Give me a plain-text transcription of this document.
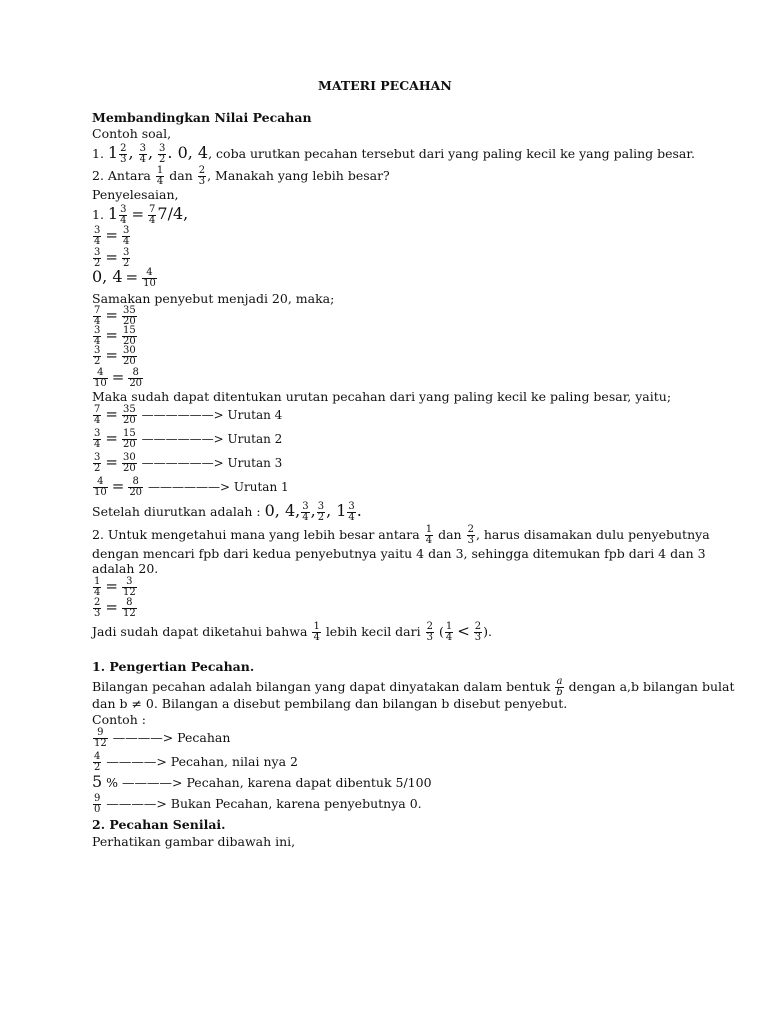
MATERI PECAHAN
Membandingkan Nilai Pecahan
Contoh soal,
1. $1 \frac{2}{3}$ , $\frac{3}{4}$ , $\frac{3}{2}$ . 0, 4, coba urutkan pecahan tersebut dari yang paling kecil ke yang paling besar.
2. Antara $\frac{1}{4}$ dan $\frac{2}{3}$ , Manakah yang lebih besar?
Penyelesaian,
1. $1 \frac{3}{4} = \frac{7}{4} 7/4$,
$\frac{3}{4} = \frac{3}{4}$
$\frac{3}{2} = \frac{3}{2}$
0, $4 = \frac{4}{10}$
Samakan penyebut menjadi 20, maka;
$\frac{7}{4} = \frac{35}{20}$
$\frac{3}{4} = \frac{15}{20}$
$\frac{3}{2} = \frac{30}{20}$
$\frac{4}{10} = \frac{8}{20}$
Maka sudah dapat ditentukan urutan pecahan dari yang paling kecil ke paling besar, yaitu;
$\frac{7}{4} = \frac{35}{20}$ ——————> Urutan 4
$\frac{3}{4} = \frac{15}{20}$ ——————> Urutan 2
$\frac{3}{2} = \frac{30}{20}$ ——————> Urutan 3
$\frac{4}{10} = \frac{8}{20}$ ——————> Urutan 1
Setelah diurutkan adalah : 0, 4, $\frac{3}{4}$ , $\frac{3}{2}$ , $1 \frac{3}{4}$ .
2. Untuk mengetahui mana yang lebih besar antara $\frac{1}{4}$ dan $\frac{2}{3}$ , harus disamakan dulu penyebutnya
dengan mencari fpb dari kedua penyebutnya yaitu 4 dan 3, sehingga ditemukan fpb dari 4 dan 3
adalah 20.
$\frac{1}{4} = \frac{3}{12}$
$\frac{2}{3} = \frac{8}{12}$
Jadi sudah dapat diketahui bahwa $\frac{1}{4}$ lebih kecil dari $\frac{2}{3}$ ( $\frac{1}{4} < \frac{2}{3}$ ).
1. Pengertian Pecahan.
Bilangan pecahan adalah bilangan yang dapat dinyatakan dalam bentuk $\frac{a}{b}$ dengan a,b bilangan bulat
dan b ≠ 0. Bilangan a disebut pembilang dan bilangan b disebut penyebut.
Contoh :
$\frac{9}{12}$ ————> Pecahan
$\frac{4}{2}$ ————> Pecahan, nilai nya 2
5 % ————> Pecahan, karena dapat dibentuk 5/100
$\frac{9}{0}$ ————> Bukan Pecahan, karena penyebutnya 0.
2. Pecahan Senilai.
Perhatikan gambar dibawah ini,
